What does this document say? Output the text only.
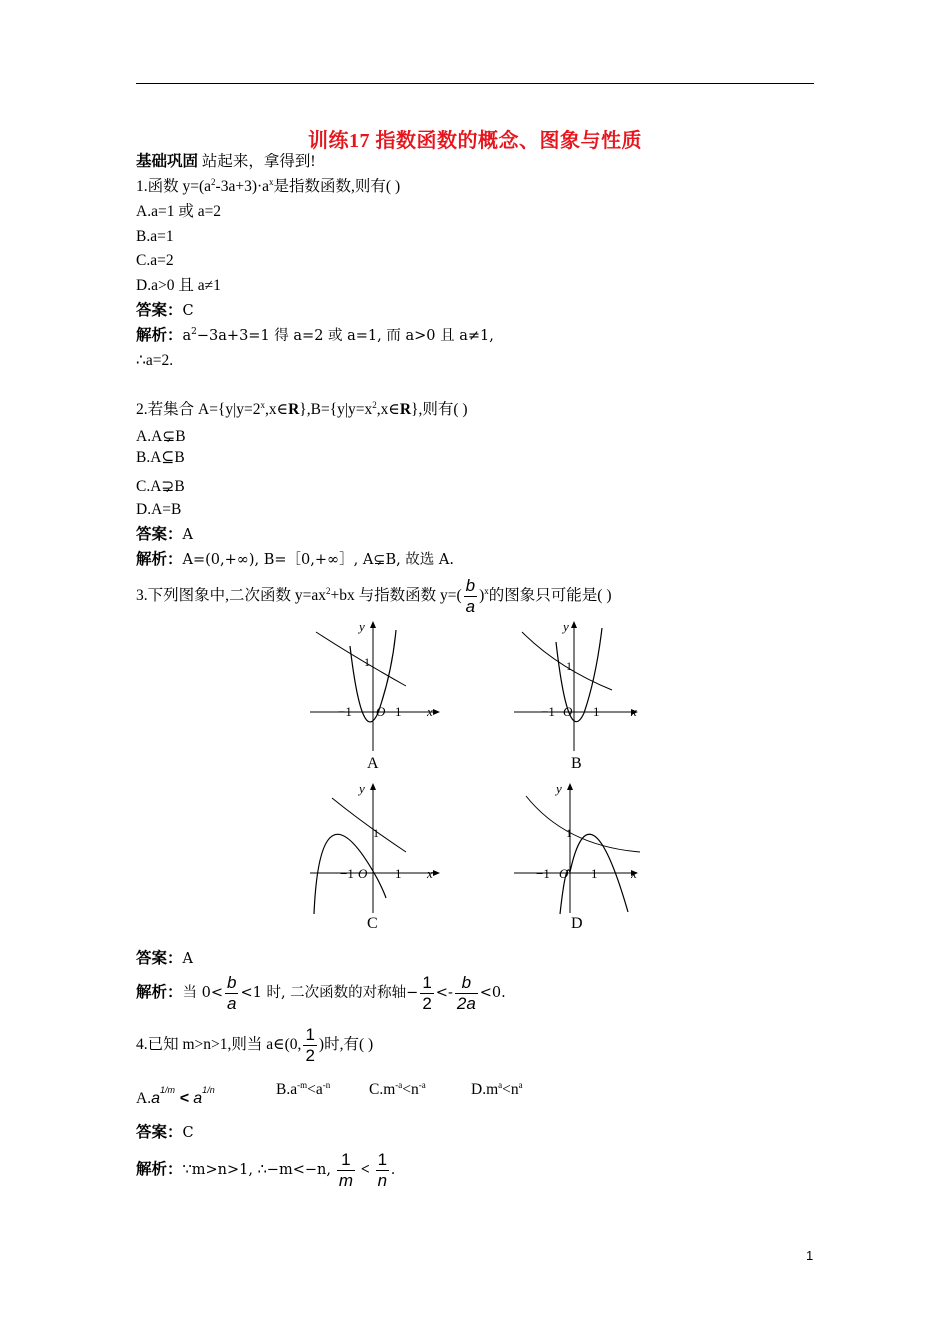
训练17 指数函数的概念、图象与性质
基础巩固 站起来，拿得到!
1.函数 $y=(a^2-3a+3)\cdot a^x$是指数函数,则有( )
A.a=1 或 a=2
B.a=1
C.a=2
D.a>0 且 a≠1
答案：C
解析：$a^2-3a+3=1$ 得 a=2 或 a=1, 而 a>0 且 a≠1,
∴a=2.
2.若集合 $A=\{y|y=2^x,x\in R\},B=\{y|y=x^2,x\in R\}$,则有( )
A.A⊊B
B.A⊆B
C.A⊋B
D.A=B
答案：A
解析：A=(0,+∞), B=［0,+∞］, A⊊B, 故选 A.
3.下列图象中,二次函数 $y=ax^2+bx$ 与指数函数 $y=( \frac{b}{a} )^x$的图象只可能是( )
y
x
O
−1	1
1
A
y
x
O
−1	1
1
B
y
x
O
−1	1
1
C
y
x
O
−1	1
1
D
答案：A
解析：当 $0< \frac{b}{a} <1$ 时, 二次函数的对称轴− $\frac{1}{2} <- \frac{b}{2a} <0$.
4.已知 m>n>1,则当 a∈(0, $\frac{1}{2}$ )时,有( )
$A.a^{1/m} < a^{1/n}$	$B.a^{-m}<a^{-n}$	$C.m^{-a}<n^{-a}$	$D.m^a<n^a$
答案：C
解析：∵m>n>1, ∴−m<−n, $\frac{1}{m} < \frac{1}{n}$ .
1
